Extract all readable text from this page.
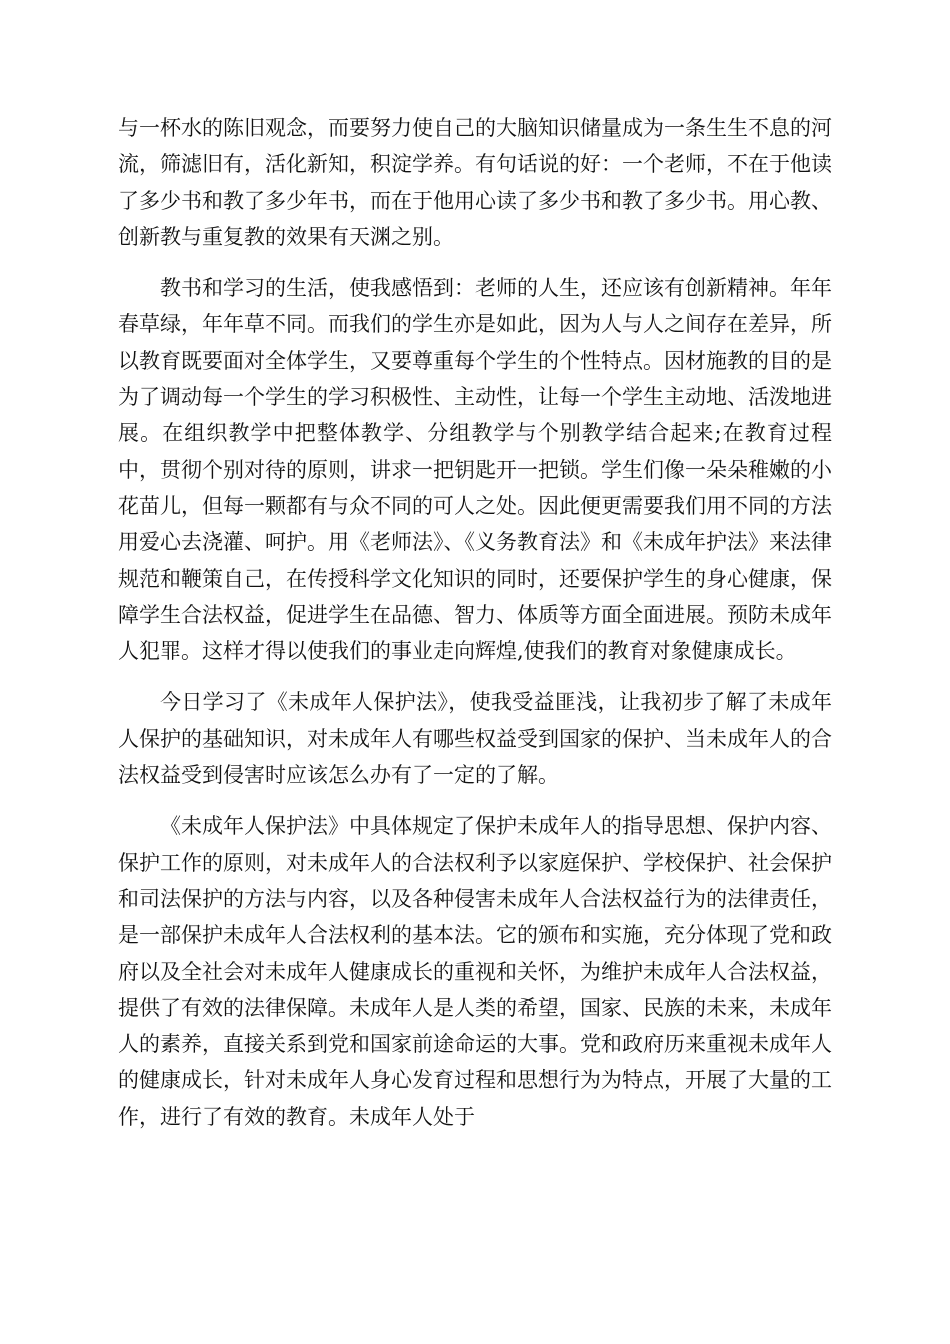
与一杯水的陈旧观念，而要努力使自己的大脑知识储量成为一条生生不息的河流，筛滤旧有，活化新知，积淀学养。有句话说的好：一个老师，不在于他读了多少书和教了多少年书，而在于他用心读了多少书和教了多少书。用心教、创新教与重复教的效果有天渊之别。

教书和学习的生活，使我感悟到：老师的人生，还应该有创新精神。年年春草绿，年年草不同。而我们的学生亦是如此，因为人与人之间存在差异，所以教育既要面对全体学生，又要尊重每个学生的个性特点。因材施教的目的是为了调动每一个学生的学习积极性、主动性，让每一个学生主动地、活泼地进展。在组织教学中把整体教学、分组教学与个别教学结合起来;在教育过程中，贯彻个别对待的原则，讲求一把钥匙开一把锁。学生们像一朵朵稚嫩的小花苗儿，但每一颗都有与众不同的可人之处。因此便更需要我们用不同的方法用爱心去浇灌、呵护。用《老师法》、《义务教育法》和《未成年护法》来法律规范和鞭策自己，在传授科学文化知识的同时，还要保护学生的身心健康，保障学生合法权益，促进学生在品德、智力、体质等方面全面进展。预防未成年人犯罪。这样才得以使我们的事业走向辉煌,使我们的教育对象健康成长。

今日学习了《未成年人保护法》，使我受益匪浅，让我初步了解了未成年人保护的基础知识，对未成年人有哪些权益受到国家的保护、当未成年人的合法权益受到侵害时应该怎么办有了一定的了解。

《未成年人保护法》中具体规定了保护未成年人的指导思想、保护内容、保护工作的原则，对未成年人的合法权利予以家庭保护、学校保护、社会保护和司法保护的方法与内容，以及各种侵害未成年人合法权益行为的法律责任，是一部保护未成年人合法权利的基本法。它的颁布和实施，充分体现了党和政府以及全社会对未成年人健康成长的重视和关怀，为维护未成年人合法权益，提供了有效的法律保障。未成年人是人类的希望，国家、民族的未来，未成年人的素养，直接关系到党和国家前途命运的大事。党和政府历来重视未成年人的健康成长，针对未成年人身心发育过程和思想行为为特点，开展了大量的工作，进行了有效的教育。未成年人处于
